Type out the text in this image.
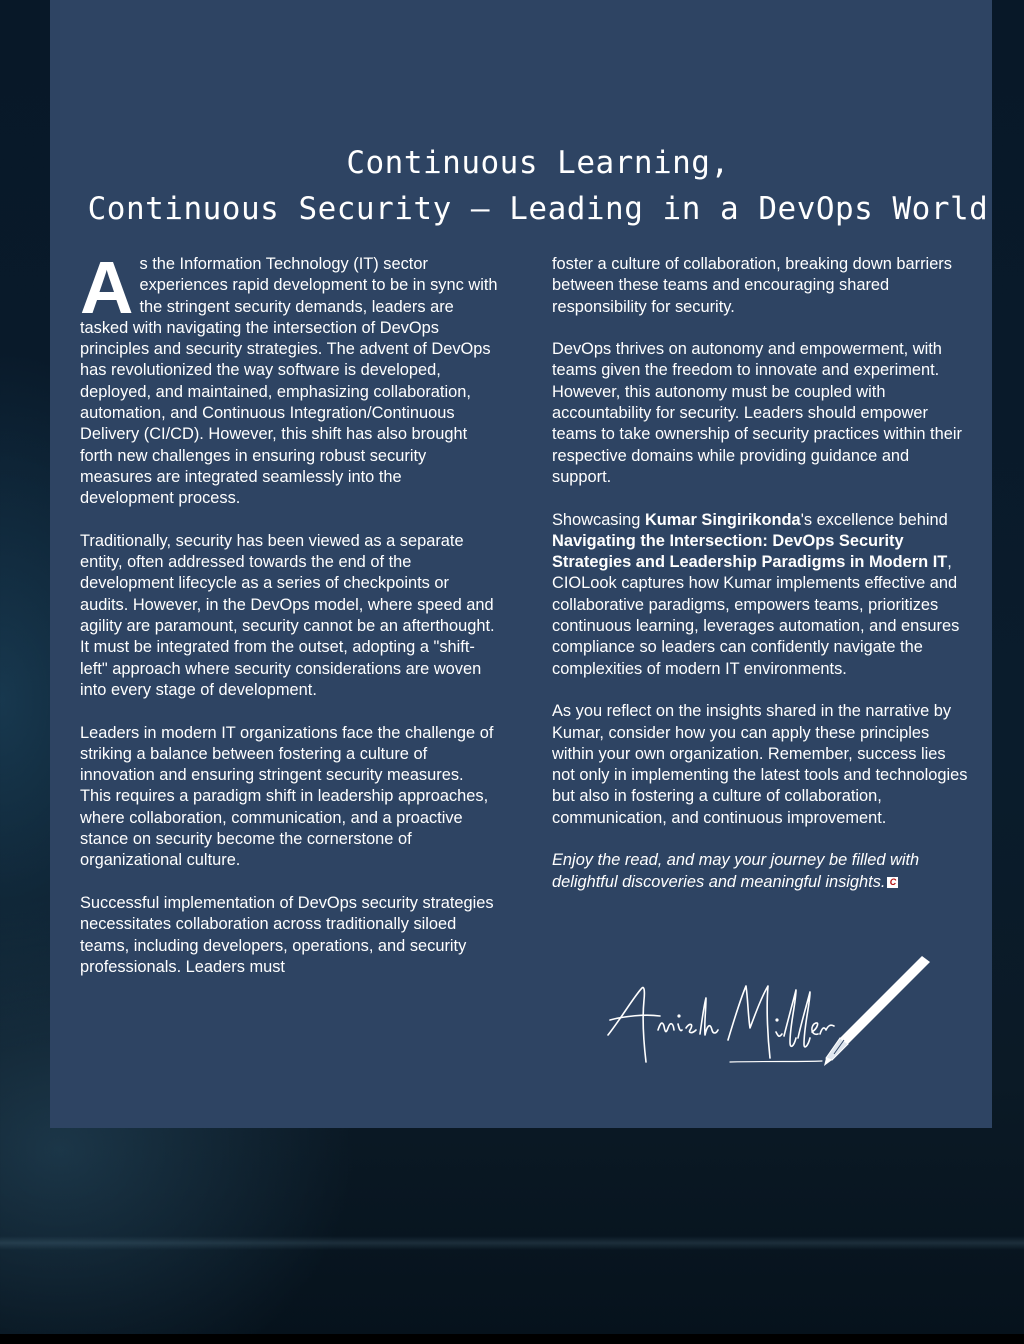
Continuous Learning,
Continuous Security – Leading in a DevOps World

As the Information Technology (IT) sector experiences rapid development to be in sync with the stringent security demands, leaders are tasked with navigating the intersection of DevOps principles and security strategies. The advent of DevOps has revolutionized the way software is developed, deployed, and maintained, emphasizing collaboration, automation, and Continuous Integration/Continuous Delivery (CI/CD). However, this shift has also brought forth new challenges in ensuring robust security measures are integrated seamlessly into the development process.

Traditionally, security has been viewed as a separate entity, often addressed towards the end of the development lifecycle as a series of checkpoints or audits. However, in the DevOps model, where speed and agility are paramount, security cannot be an afterthought. It must be integrated from the outset, adopting a "shift-left" approach where security considerations are woven into every stage of development.

Leaders in modern IT organizations face the challenge of striking a balance between fostering a culture of innovation and ensuring stringent security measures. This requires a paradigm shift in leadership approaches, where collaboration, communication, and a proactive stance on security become the cornerstone of organizational culture.

Successful implementation of DevOps security strategies necessitates collaboration across traditionally siloed teams, including developers, operations, and security professionals. Leaders must

foster a culture of collaboration, breaking down barriers between these teams and encouraging shared responsibility for security.

DevOps thrives on autonomy and empowerment, with teams given the freedom to innovate and experiment. However, this autonomy must be coupled with accountability for security. Leaders should empower teams to take ownership of security practices within their respective domains while providing guidance and support.

Showcasing Kumar Singirikonda's excellence behind Navigating the Intersection: DevOps Security Strategies and Leadership Paradigms in Modern IT, CIOLook captures how Kumar implements effective and collaborative paradigms, empowers teams, prioritizes continuous learning, leverages automation, and ensures compliance so leaders can confidently navigate the complexities of modern IT environments.

As you reflect on the insights shared in the narrative by Kumar, consider how you can apply these principles within your own organization. Remember, success lies not only in implementing the latest tools and technologies but also in fostering a culture of collaboration, communication, and continuous improvement.

Enjoy the read, and may your journey be filled with delightful discoveries and meaningful insights. C
